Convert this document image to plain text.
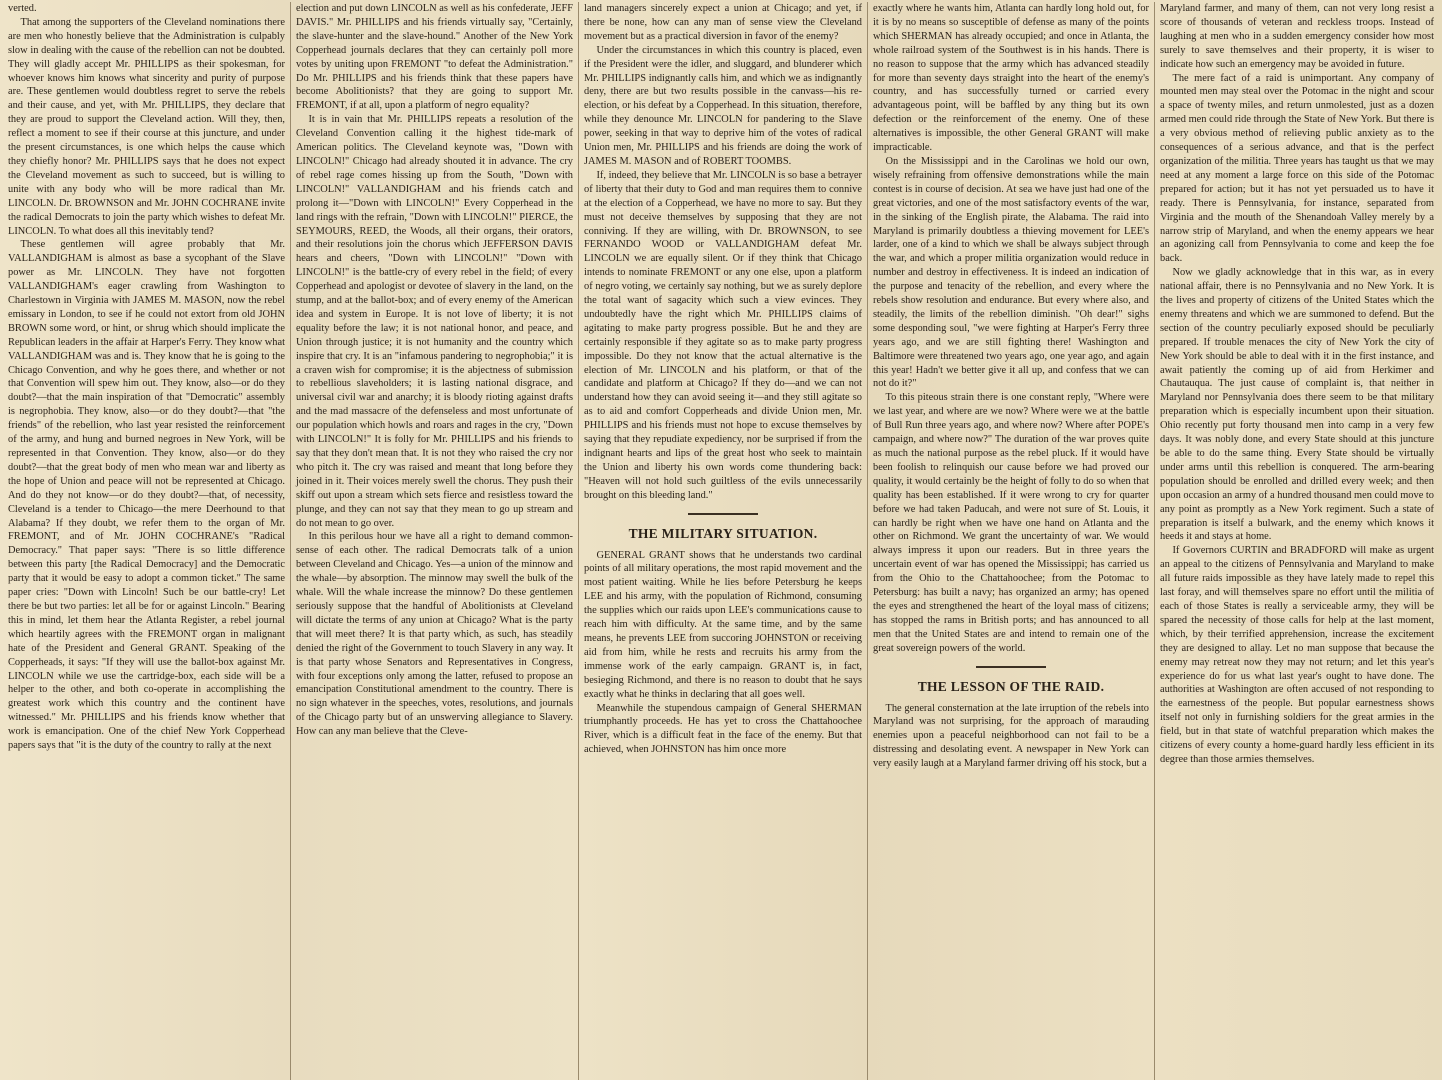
verted.

That among the supporters of the Cleveland nominations there are men who honestly believe that the Administration is culpably slow in dealing with the cause of the rebellion can not be doubted. They will gladly accept Mr. PHILLIPS as their spokesman, for whoever knows him knows what sincerity and purity of purpose are. These gentlemen would doubtless regret to serve the rebels and their cause, and yet, with Mr. PHILLIPS, they declare that they are proud to support the Cleveland action. Will they, then, reflect a moment to see if their course at this juncture, and under the present circumstances, is one which helps the cause which they chiefly honor? Mr. PHILLIPS says that he does not expect the Cleveland movement as such to succeed, but is willing to unite with any body who will be more radical than Mr. LINCOLN. Dr. BROWNSON and Mr. JOHN COCHRANE invite the radical Democrats to join the party which wishes to defeat Mr. LINCOLN. To what does all this inevitably tend?

These gentlemen will agree probably that Mr. VALLANDIGHAM is almost as base a sycophant of the Slave power as Mr. LINCOLN. They have not forgotten VALLANDIGHAM's eager crawling from Washington to Charlestown in Virginia with JAMES M. MASON, now the rebel emissary in London, to see if he could not extort from old JOHN BROWN some word, or hint, or shrug which should implicate the Republican leaders in the affair at Harper's Ferry. They know what VALLANDIGHAM was and is. They know that he is going to the Chicago Convention, and why he goes there, and whether or not that Convention will spew him out. They know, also—or do they doubt?—that the main inspiration of that "Democratic" assembly is negrophobia. They know, also—or do they doubt?—that "the friends" of the rebellion, who last year resisted the reinforcement of the army, and hung and burned negroes in New York, will be represented in that Convention. They know, also—or do they doubt?—that the great body of men who mean war and liberty as the hope of Union and peace will not be represented at Chicago. And do they not know—or do they doubt?—that, of necessity, Cleveland is a tender to Chicago—the mere Deerhound to that Alabama? If they doubt, we refer them to the organ of Mr. FREMONT, and of Mr. JOHN COCHRANE's "Radical Democracy." That paper says: "There is so little difference between this party [the Radical Democracy] and the Democratic party that it would be easy to adopt a common ticket." The same paper cries: "Down with Lincoln! Such be our battle-cry! Let there be but two parties: let all be for or against Lincoln." Bearing this in mind, let them hear the Atlanta Register, a rebel journal which heartily agrees with the FREMONT organ in malignant hate of the President and General GRANT. Speaking of the Copperheads, it says: "If they will use the ballot-box against Mr. LINCOLN while we use the cartridge-box, each side will be a helper to the other, and both co-operate in accomplishing the greatest work which this country and the continent have witnessed." Mr. PHILLIPS and his friends know whether that work is emancipation. One of the chief New York Copperhead papers says that "it is the duty of the country to rally at the next

election and put down LINCOLN as well as his confederate, JEFF DAVIS." Mr. PHILLIPS and his friends virtually say, "Certainly, the slave-hunter and the slave-hound." Another of the New York Copperhead journals declares that they can certainly poll more votes by uniting upon FREMONT "to defeat the Administration." Do Mr. PHILLIPS and his friends think that these papers have become Abolitionists? that they are going to support Mr. FREMONT, if at all, upon a platform of negro equality?

It is in vain that Mr. PHILLIPS repeats a resolution of the Cleveland Convention calling it the highest tide-mark of American politics. The Cleveland keynote was, "Down with LINCOLN!" Chicago had already shouted it in advance. The cry of rebel rage comes hissing up from the South, "Down with LINCOLN!" VALLANDIGHAM and his friends catch and prolong it—"Down with LINCOLN!" Every Copperhead in the land rings with the refrain, "Down with LINCOLN!" PIERCE, the SEYMOURS, REED, the Woods, all their organs, their orators, and their resolutions join the chorus which JEFFERSON DAVIS hears and cheers, "Down with LINCOLN!" "Down with LINCOLN!" is the battle-cry of every rebel in the field; of every Copperhead and apologist or devotee of slavery in the land, on the stump, and at the ballot-box; and of every enemy of the American idea and system in Europe. It is not love of liberty; it is not equality before the law; it is not national honor, and peace, and Union through justice; it is not humanity and the country which inspire that cry. It is an "infamous pandering to negrophobia;" it is a craven wish for compromise; it is the abjectness of submission to rebellious slaveholders; it is lasting national disgrace, and universal civil war and anarchy; it is bloody rioting against drafts and the mad massacre of the defenseless and most unfortunate of our population which howls and roars and rages in the cry, "Down with LINCOLN!" It is folly for Mr. PHILLIPS and his friends to say that they don't mean that. It is not they who raised the cry nor who pitch it. The cry was raised and meant that long before they joined in it. Their voices merely swell the chorus. They push their skiff out upon a stream which sets fierce and resistless toward the plunge, and they can not say that they mean to go up stream and do not mean to go over.

In this perilous hour we have all a right to demand common-sense of each other. The radical Democrats talk of a union between Cleveland and Chicago. Yes—a union of the minnow and the whale—by absorption. The minnow may swell the bulk of the whale. Will the whale increase the minnow? Do these gentlemen seriously suppose that the handful of Abolitionists at Cleveland will dictate the terms of any union at Chicago? What is the party that will meet there? It is that party which, as such, has steadily denied the right of the Government to touch Slavery in any way. It is that party whose Senators and Representatives in Congress, with four exceptions only among the latter, refused to propose an emancipation Constitutional amendment to the country. There is no sign whatever in the speeches, votes, resolutions, and journals of the Chicago party but of an unswerving allegiance to Slavery. How can any man believe that the Cleve-

land managers sincerely expect a union at Chicago; and yet, if there be none, how can any man of sense view the Cleveland movement but as a practical diversion in favor of the enemy?

Under the circumstances in which this country is placed, even if the President were the idler, and sluggard, and blunderer which Mr. PHILLIPS indignantly calls him, and which we as indignantly deny, there are but two results possible in the canvass—his re-election, or his defeat by a Copperhead. In this situation, therefore, while they denounce Mr. LINCOLN for pandering to the Slave power, seeking in that way to deprive him of the votes of radical Union men, Mr. PHILLIPS and his friends are doing the work of JAMES M. MASON and of ROBERT TOOMBS.

If, indeed, they believe that Mr. LINCOLN is so base a betrayer of liberty that their duty to God and man requires them to connive at the election of a Copperhead, we have no more to say. But they must not deceive themselves by supposing that they are not conniving. If they are willing, with Dr. BROWNSON, to see FERNANDO WOOD or VALLANDIGHAM defeat Mr. LINCOLN we are equally silent. Or if they think that Chicago intends to nominate FREMONT or any one else, upon a platform of negro voting, we certainly say nothing, but we as surely deplore the total want of sagacity which such a view evinces. They undoubtedly have the right which Mr. PHILLIPS claims of agitating to make party progress possible. But he and they are certainly responsible if they agitate so as to make party progress impossible. Do they not know that the actual alternative is the election of Mr. LINCOLN and his platform, or that of the candidate and platform at Chicago? If they do—and we can not understand how they can avoid seeing it—and they still agitate so as to aid and comfort Copperheads and divide Union men, Mr. PHILLIPS and his friends must not hope to excuse themselves by saying that they repudiate expediency, nor be surprised if from the indignant hearts and lips of the great host who seek to maintain the Union and liberty his own words come thundering back: "Heaven will not hold such guiltless of the evils unnecessarily brought on this bleeding land."

THE MILITARY SITUATION.

GENERAL GRANT shows that he understands two cardinal points of all military operations, the most rapid movement and the most patient waiting. While he lies before Petersburg he keeps LEE and his army, with the population of Richmond, consuming the supplies which our raids upon LEE's communications cause to reach him with difficulty. At the same time, and by the same means, he prevents LEE from succoring JOHNSTON or receiving aid from him, while he rests and recruits his army from the immense work of the early campaign. GRANT is, in fact, besieging Richmond, and there is no reason to doubt that he says exactly what he thinks in declaring that all goes well.

Meanwhile the stupendous campaign of General SHERMAN triumphantly proceeds. He has yet to cross the Chattahoochee River, which is a difficult feat in the face of the enemy. But that achieved, when JOHNSTON has him once more

exactly where he wants him, Atlanta can hardly long hold out, for it is by no means so susceptible of defense as many of the points which SHERMAN has already occupied; and once in Atlanta, the whole railroad system of the Southwest is in his hands. There is no reason to suppose that the army which has advanced steadily for more than seventy days straight into the heart of the enemy's country, and has successfully turned or carried every advantageous point, will be baffled by any thing but its own defection or the reinforcement of the enemy. One of these alternatives is impossible, the other General GRANT will make impracticable.

On the Mississippi and in the Carolinas we hold our own, wisely refraining from offensive demonstrations while the main contest is in course of decision. At sea we have just had one of the great victories, and one of the most satisfactory events of the war, in the sinking of the English pirate, the Alabama. The raid into Maryland is primarily doubtless a thieving movement for LEE's larder, one of a kind to which we shall be always subject through the war, and which a proper militia organization would reduce in number and destroy in effectiveness. It is indeed an indication of the purpose and tenacity of the rebellion, and every where the rebels show resolution and endurance. But every where also, and steadily, the limits of the rebellion diminish. "Oh dear!" sighs some desponding soul, "we were fighting at Harper's Ferry three years ago, and we are still fighting there! Washington and Baltimore were threatened two years ago, one year ago, and again this year! Hadn't we better give it all up, and confess that we can not do it?"

To this piteous strain there is one constant reply, "Where were we last year, and where are we now? Where were we at the battle of Bull Run three years ago, and where now? Where after POPE's campaign, and where now?" The duration of the war proves quite as much the national purpose as the rebel pluck. If it would have been foolish to relinquish our cause before we had proved our quality, it would certainly be the height of folly to do so when that quality has been established. If it were wrong to cry for quarter before we had taken Paducah, and were not sure of St. Louis, it can hardly be right when we have one hand on Atlanta and the other on Richmond. We grant the uncertainty of war. We would always impress it upon our readers. But in three years the uncertain event of war has opened the Mississippi; has carried us from the Ohio to the Chattahoochee; from the Potomac to Petersburg: has built a navy; has organized an army; has opened the eyes and strengthened the heart of the loyal mass of citizens; has stopped the rams in British ports; and has announced to all men that the United States are and intend to remain one of the great sovereign powers of the world.

THE LESSON OF THE RAID.

The general consternation at the late irruption of the rebels into Maryland was not surprising, for the approach of marauding enemies upon a peaceful neighborhood can not fail to be a distressing and desolating event. A newspaper in New York can very easily laugh at a Maryland farmer driving off his stock, but a

Maryland farmer, and many of them, can not very long resist a score of thousands of veteran and reckless troops. Instead of laughing at men who in a sudden emergency consider how most surely to save themselves and their property, it is wiser to indicate how such an emergency may be avoided in future.

The mere fact of a raid is unimportant. Any company of mounted men may steal over the Potomac in the night and scour a space of twenty miles, and return unmolested, just as a dozen armed men could ride through the State of New York. But there is a very obvious method of relieving public anxiety as to the consequences of a serious advance, and that is the perfect organization of the militia. Three years has taught us that we may need at any moment a large force on this side of the Potomac prepared for action; but it has not yet persuaded us to have it ready. There is Pennsylvania, for instance, separated from Virginia and the mouth of the Shenandoah Valley merely by a narrow strip of Maryland, and when the enemy appears we hear an agonizing call from Pennsylvania to come and keep the foe back.

Now we gladly acknowledge that in this war, as in every national affair, there is no Pennsylvania and no New York. It is the lives and property of citizens of the United States which the enemy threatens and which we are summoned to defend. But the section of the country peculiarly exposed should be peculiarly prepared. If trouble menaces the city of New York the city of New York should be able to deal with it in the first instance, and await patiently the coming up of aid from Herkimer and Chautauqua. The just cause of complaint is, that neither in Maryland nor Pennsylvania does there seem to be that military preparation which is especially incumbent upon their situation. Ohio recently put forty thousand men into camp in a very few days. It was nobly done, and every State should at this juncture be able to do the same thing. Every State should be virtually under arms until this rebellion is conquered. The arm-bearing population should be enrolled and drilled every week; and then upon occasion an army of a hundred thousand men could move to any point as promptly as a New York regiment. Such a state of preparation is itself a bulwark, and the enemy which knows it heeds it and stays at home.

If Governors CURTIN and BRADFORD will make as urgent an appeal to the citizens of Pennsylvania and Maryland to make all future raids impossible as they have lately made to repel this last foray, and will themselves spare no effort until the militia of each of those States is really a serviceable army, they will be spared the necessity of those calls for help at the last moment, which, by their terrified apprehension, increase the excitement they are designed to allay. Let no man suppose that because the enemy may retreat now they may not return; and let this year's experience do for us what last year's ought to have done. The authorities at Washington are often accused of not responding to the earnestness of the people. But popular earnestness shows itself not only in furnishing soldiers for the great armies in the field, but in that state of watchful preparation which makes the citizens of every county a home-guard hardly less efficient in its degree than those armies themselves.
